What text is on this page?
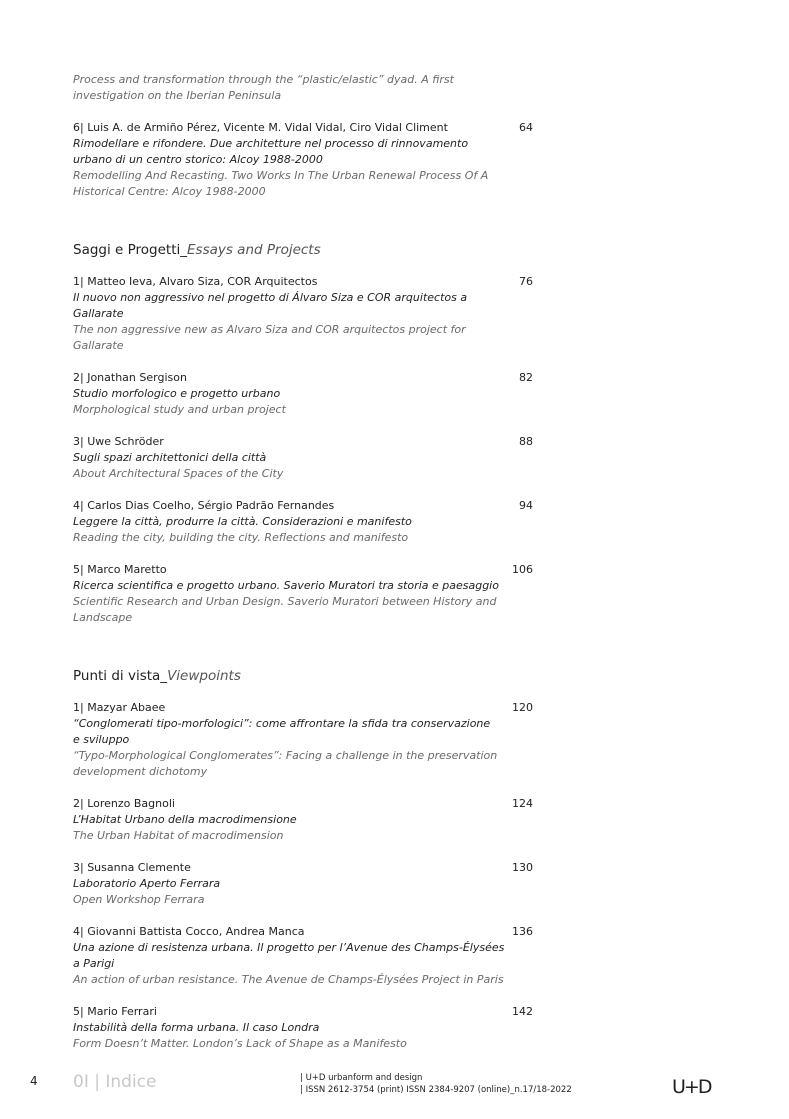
Process and transformation through the “plastic/elastic” dyad. A first
investigation on the Iberian Peninsula
6| Luis A. de Armiño Pérez, Vicente M. Vidal Vidal, Ciro Vidal Climent	64
Rimodellare e rifondere. Due architetture nel processo di rinnovamento
urbano di un centro storico: Alcoy 1988-2000
Remodelling And Recasting. Two Works In The Urban Renewal Process Of A
Historical Centre: Alcoy 1988-2000
Saggi e Progetti_Essays and Projects
1| Matteo Ieva, Alvaro Siza, COR Arquitectos	76
Il nuovo non aggressivo nel progetto di Álvaro Siza e COR arquitectos a
Gallarate
The non aggressive new as Alvaro Siza and COR arquitectos project for
Gallarate
2| Jonathan Sergison	82
Studio morfologico e progetto urbano
Morphological study and urban project
3| Uwe Schröder	88
Sugli spazi architettonici della città
About Architectural Spaces of the City
4| Carlos Dias Coelho, Sérgio Padrão Fernandes	94
Leggere la città, produrre la città. Considerazioni e manifesto
Reading the city, building the city. Reflections and manifesto
5| Marco Maretto	106
Ricerca scientifica e progetto urbano. Saverio Muratori tra storia e paesaggio
Scientific Research and Urban Design. Saverio Muratori between History and
Landscape
Punti di vista_Viewpoints
1| Mazyar Abaee	120
“Conglomerati tipo-morfologici”: come affrontare la sfida tra conservazione
e sviluppo
“Typo-Morphological Conglomerates”: Facing a challenge in the preservation
development dichotomy
2| Lorenzo Bagnoli	124
L’Habitat Urbano della macrodimensione
The Urban Habitat of macrodimension
3| Susanna Clemente	130
Laboratorio Aperto Ferrara
Open Workshop Ferrara
4| Giovanni Battista Cocco, Andrea Manca	136
Una azione di resistenza urbana. Il progetto per l’Avenue des Champs-Élysées
a Parigi
An action of urban resistance. The Avenue de Champs-Élysées Project in Paris
5| Mario Ferrari	142
Instabilità della forma urbana. Il caso Londra
Form Doesn’t Matter. London’s Lack of Shape as a Manifesto
4 0I | Indice	| U+D urbanform and design
| ISSN 2612-3754 (print) ISSN 2384-9207 (online)_n.17/18-2022	U+D
